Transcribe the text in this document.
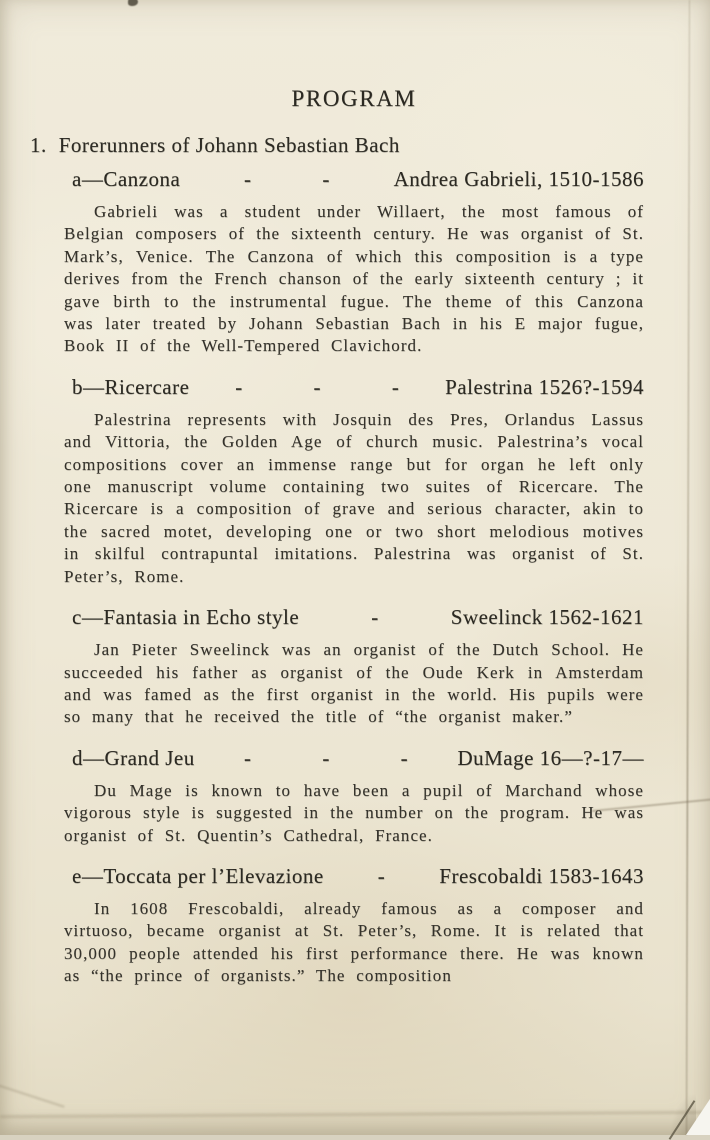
PROGRAM
1. Forerunners of Johann Sebastian Bach
a—Canzona	- -	Andrea Gabrieli, 1510-1586

Gabrieli was a student under Willaert, the most famous of Belgian composers of the sixteenth century. He was organist of St. Mark’s, Venice. The Canzona of which this composition is a type derives from the French chanson of the early sixteenth century ; it gave birth to the instrumental fugue. The theme of this Canzona was later treated by Johann Sebastian Bach in his E major fugue, Book II of the Well-Tempered Clavichord.

b—Ricercare	- - -	Palestrina 1526?-1594

Palestrina represents with Josquin des Pres, Orlandus Lassus and Vittoria, the Golden Age of church music. Palestrina’s vocal compositions cover an immense range but for organ he left only one manuscript volume containing two suites of Ricercare. The Ricercare is a composition of grave and serious character, akin to the sacred motet, developing one or two short melodious motives in skilful contrapuntal imitations. Palestrina was organist of St. Peter’s, Rome.

c—Fantasia in Echo style	-	Sweelinck 1562-1621

Jan Pieter Sweelinck was an organist of the Dutch School. He succeeded his father as organist of the Oude Kerk in Amsterdam and was famed as the first organist in the world. His pupils were so many that he received the title of “the organist maker.”

d—Grand Jeu	- - -	DuMage 16—?-17—

Du Mage is known to have been a pupil of Marchand whose vigorous style is suggested in the number on the program. He was organist of St. Quentin’s Cathedral, France.

e—Toccata per l’Elevazione	-	Frescobaldi 1583-1643

In 1608 Frescobaldi, already famous as a composer and virtuoso, became organist at St. Peter’s, Rome. It is related that 30,000 people attended his first performance there. He was known as “the prince of organists.” The composition
